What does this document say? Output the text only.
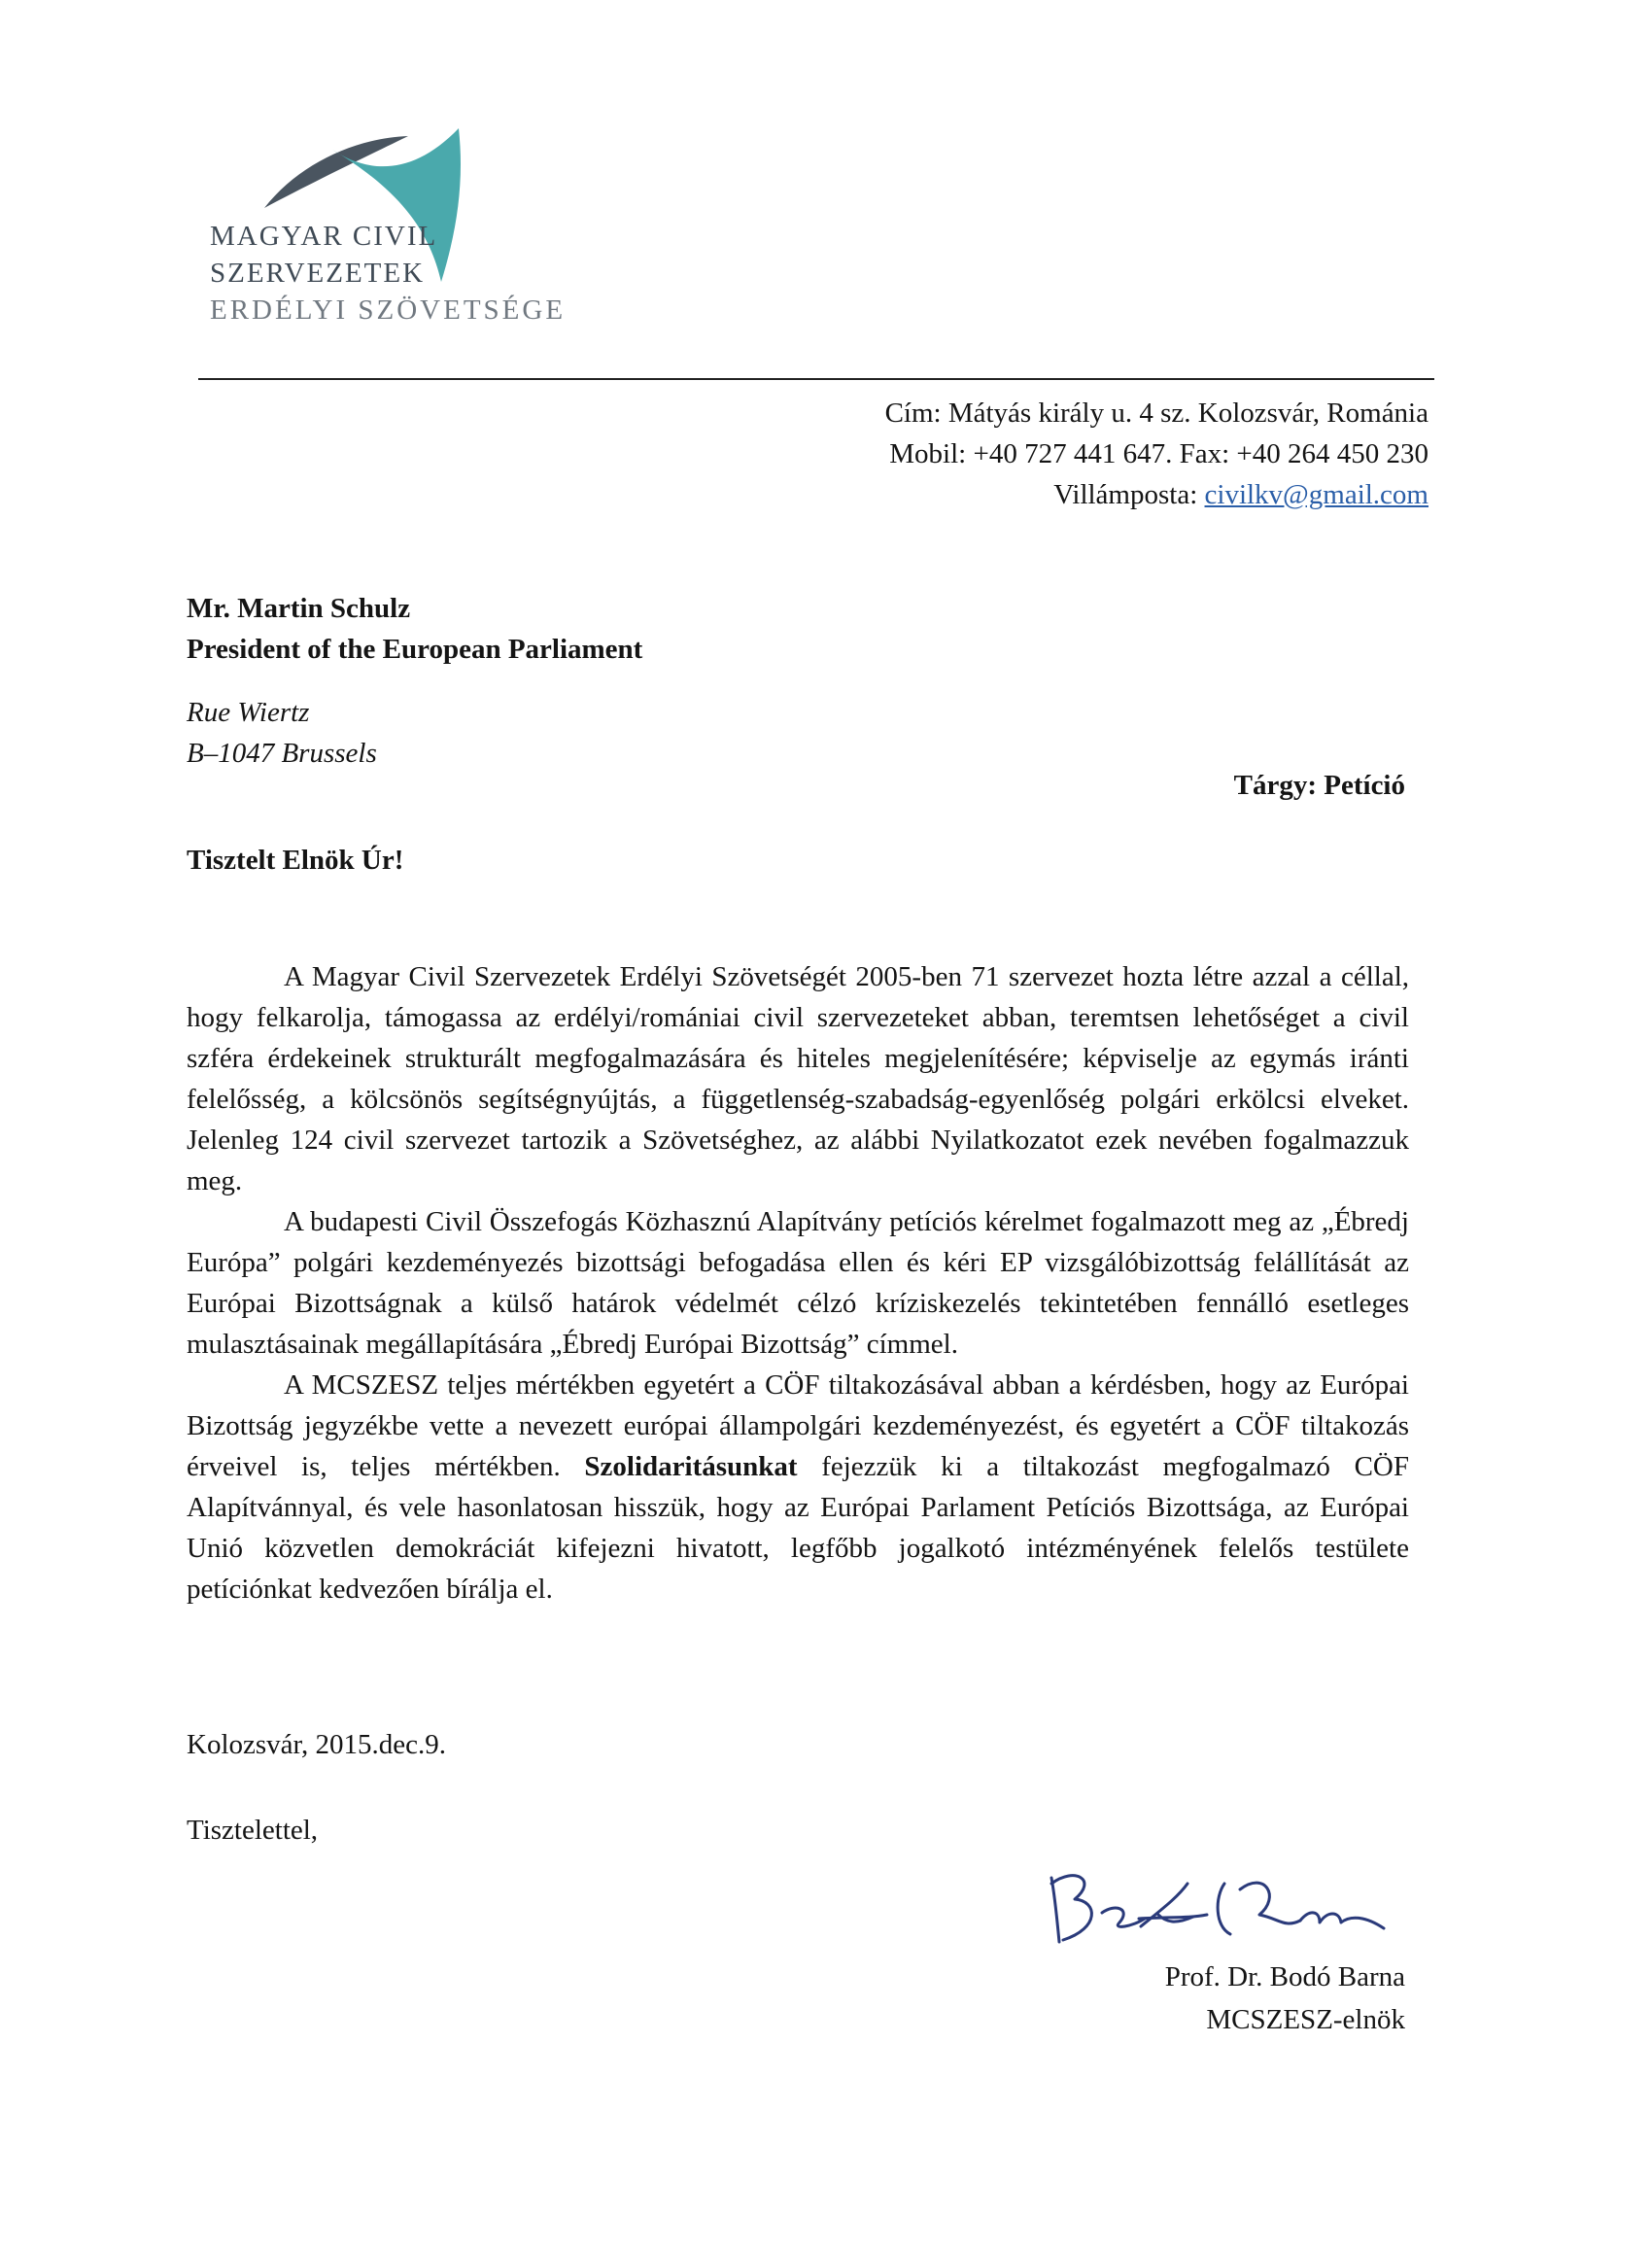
MAGYAR CIVIL
SZERVEZETEK
ERDÉLYI SZÖVETSÉGE
Cím: Mátyás király u. 4 sz. Kolozsvár, Románia
Mobil: +40 727 441 647. Fax: +40 264 450 230
Villámposta: civilkv@gmail.com
Mr. Martin Schulz
President of the European Parliament
Rue Wiertz
B–1047 Brussels
Tárgy: Petíció
Tisztelt Elnök Úr!

A Magyar Civil Szervezetek Erdélyi Szövetségét 2005-ben 71 szervezet hozta létre azzal a céllal, hogy felkarolja, támogassa az erdélyi/romániai civil szervezeteket abban, teremtsen lehetőséget a civil szféra érdekeinek strukturált megfogalmazására és hiteles megjelenítésére; képviselje az egymás iránti felelősség, a kölcsönös segítségnyújtás, a függetlenség-szabadság-egyenlőség polgári erkölcsi elveket. Jelenleg 124 civil szervezet tartozik a Szövetséghez, az alábbi Nyilatkozatot ezek nevében fogalmazzuk meg.

A budapesti Civil Összefogás Közhasznú Alapítvány petíciós kérelmet fogalmazott meg az „Ébredj Európa” polgári kezdeményezés bizottsági befogadása ellen és kéri EP vizsgálóbizottság felállítását az Európai Bizottságnak a külső határok védelmét célzó kríziskezelés tekintetében fennálló esetleges mulasztásainak megállapítására „Ébredj Európai Bizottság” címmel.

A MCSZESZ teljes mértékben egyetért a CÖF tiltakozásával abban a kérdésben, hogy az Európai Bizottság jegyzékbe vette a nevezett európai állampolgári kezdeményezést, és egyetért a CÖF tiltakozás érveivel is, teljes mértékben. Szolidaritásunkat fejezzük ki a tiltakozást megfogalmazó CÖF Alapítvánnyal, és vele hasonlatosan hisszük, hogy az Európai Parlament Petíciós Bizottsága, az Európai Unió közvetlen demokráciát kifejezni hivatott, legfőbb jogalkotó intézményének felelős testülete petíciónkat kedvezően bírálja el.

Kolozsvár, 2015.dec.9.
Tisztelettel,
Prof. Dr. Bodó Barna
MCSZESZ-elnök
